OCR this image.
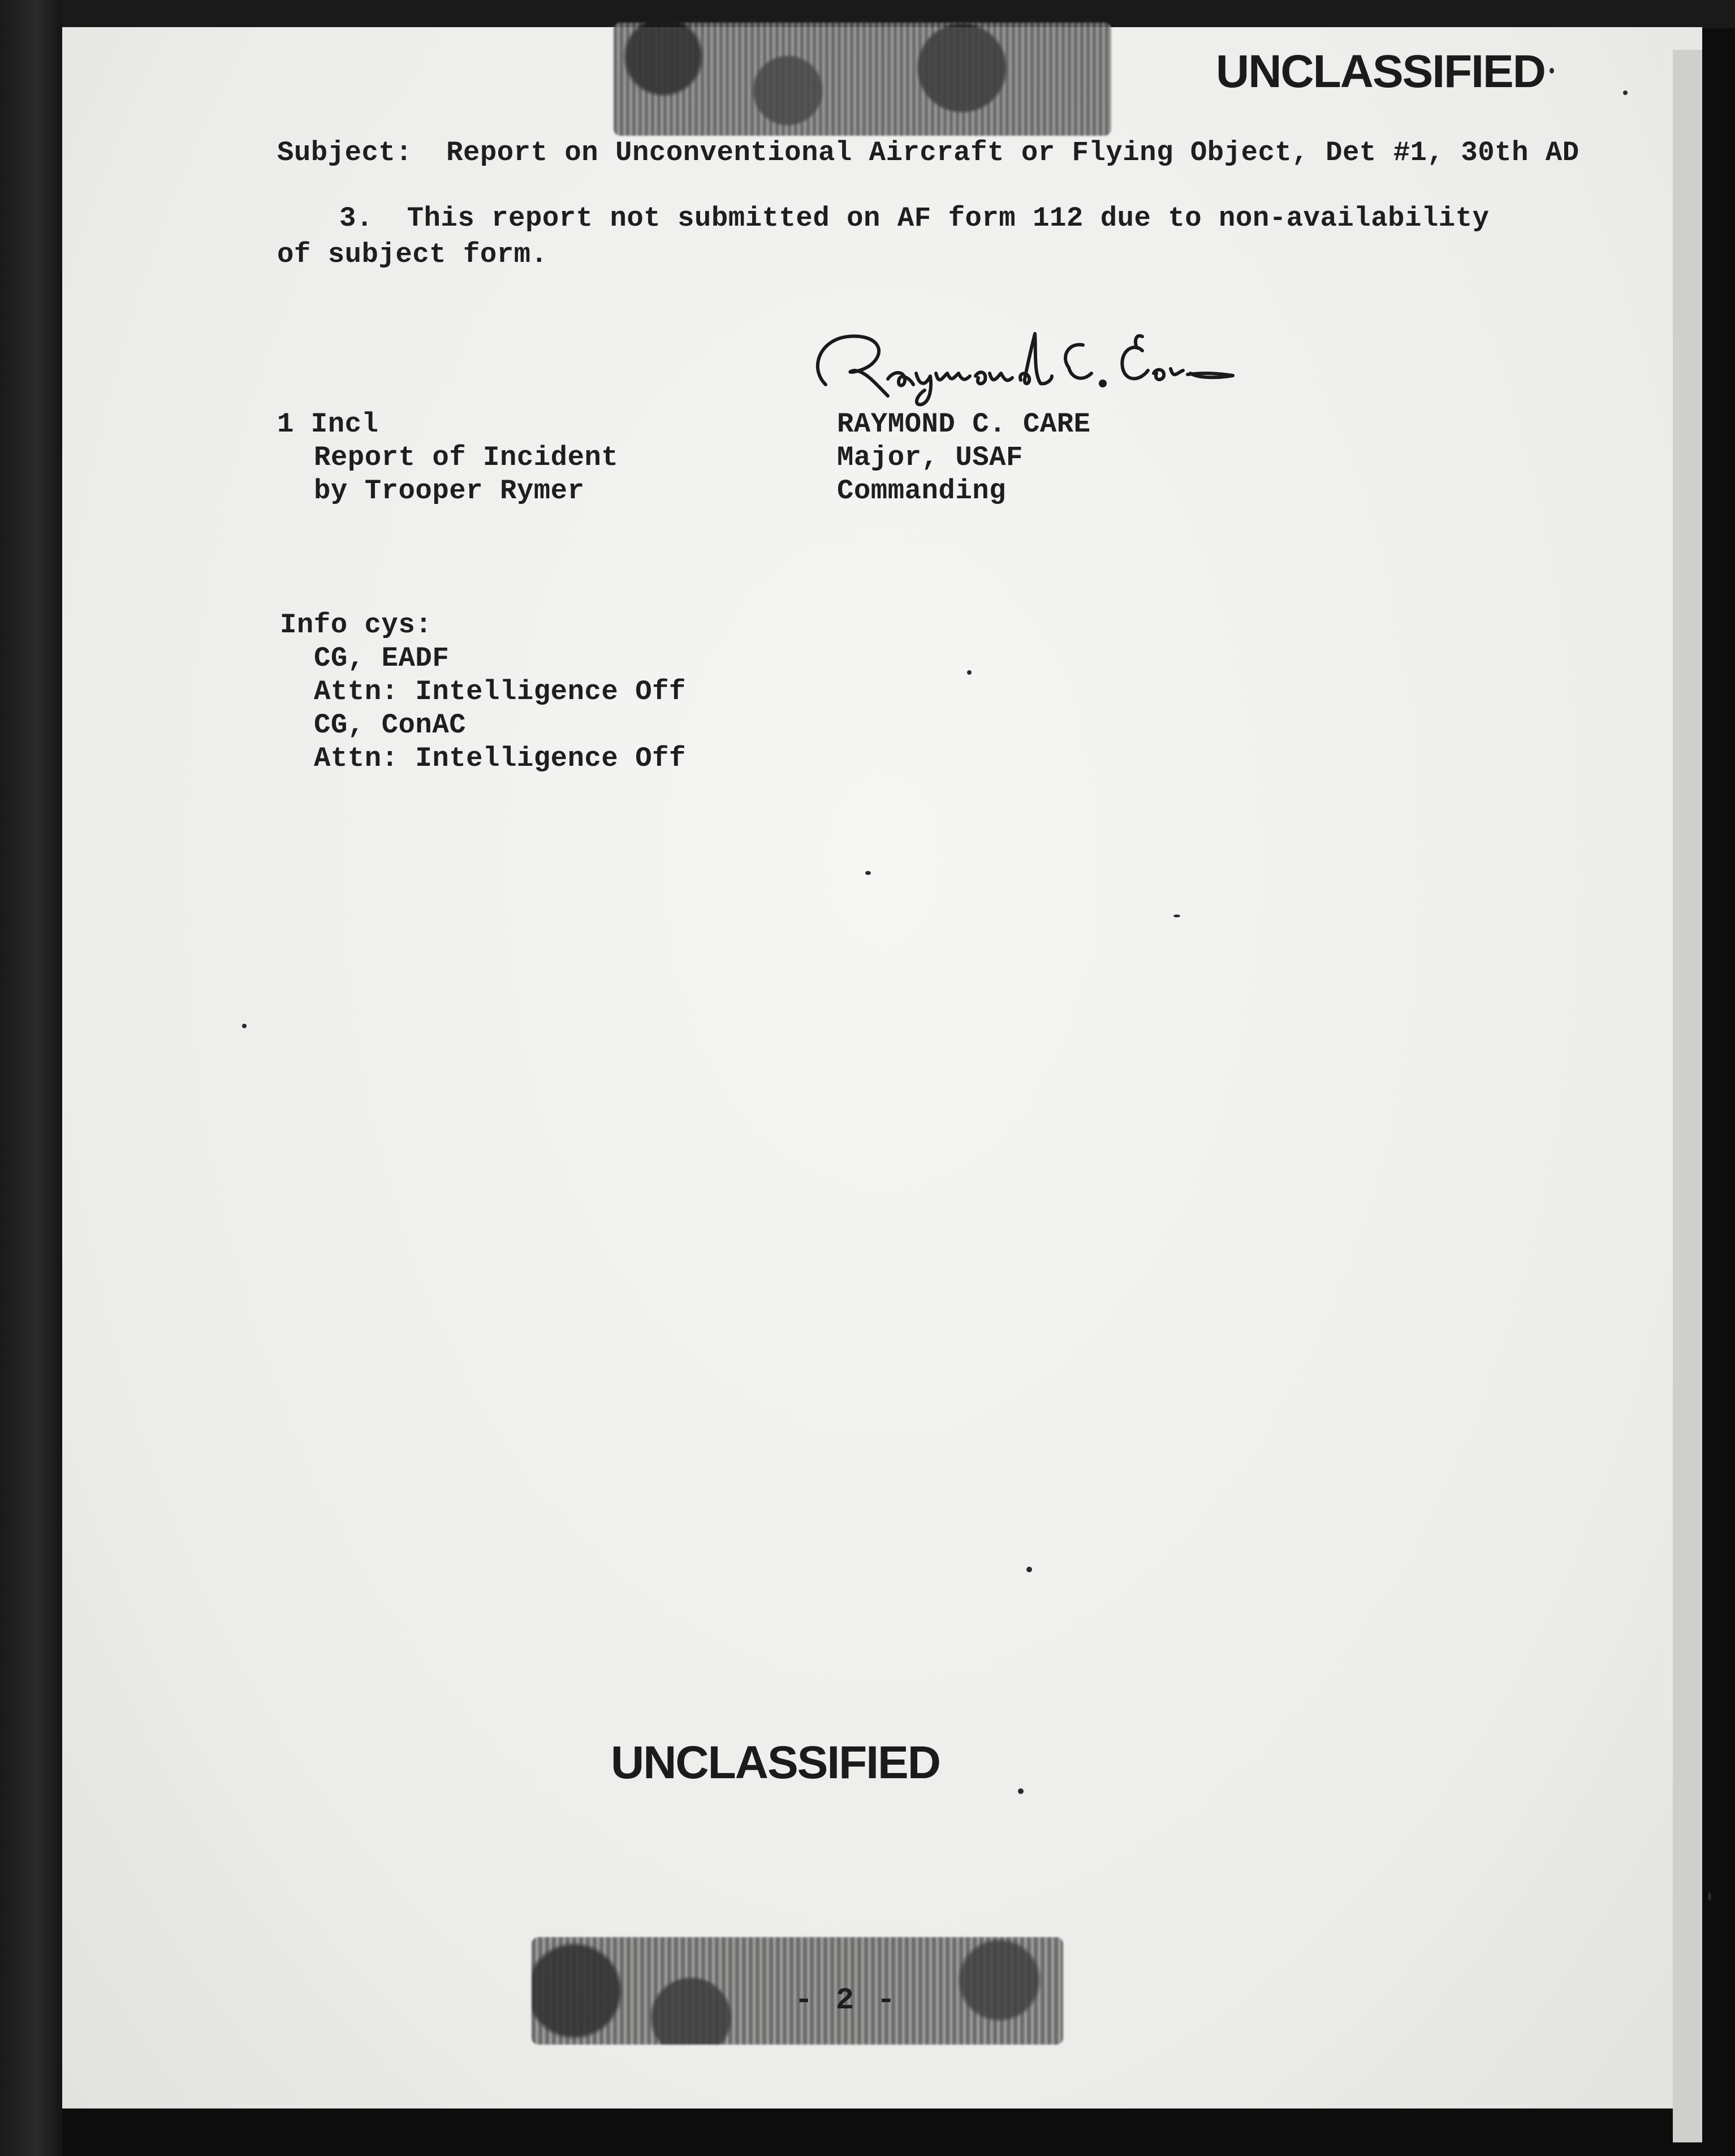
UNCLASSIFIED
Subject: Report on Unconventional Aircraft or Flying Object, Det #1, 30th AD
3.  This report not submitted on AF form 112 due to non-availability
of subject form.
1 Incl
Report of Incident
by Trooper Rymer
RAYMOND C. CARE
Major, USAF
Commanding
Info cys:
CG, EADF
Attn: Intelligence Off
CG, ConAC
Attn: Intelligence Off
UNCLASSIFIED
- 2 -
